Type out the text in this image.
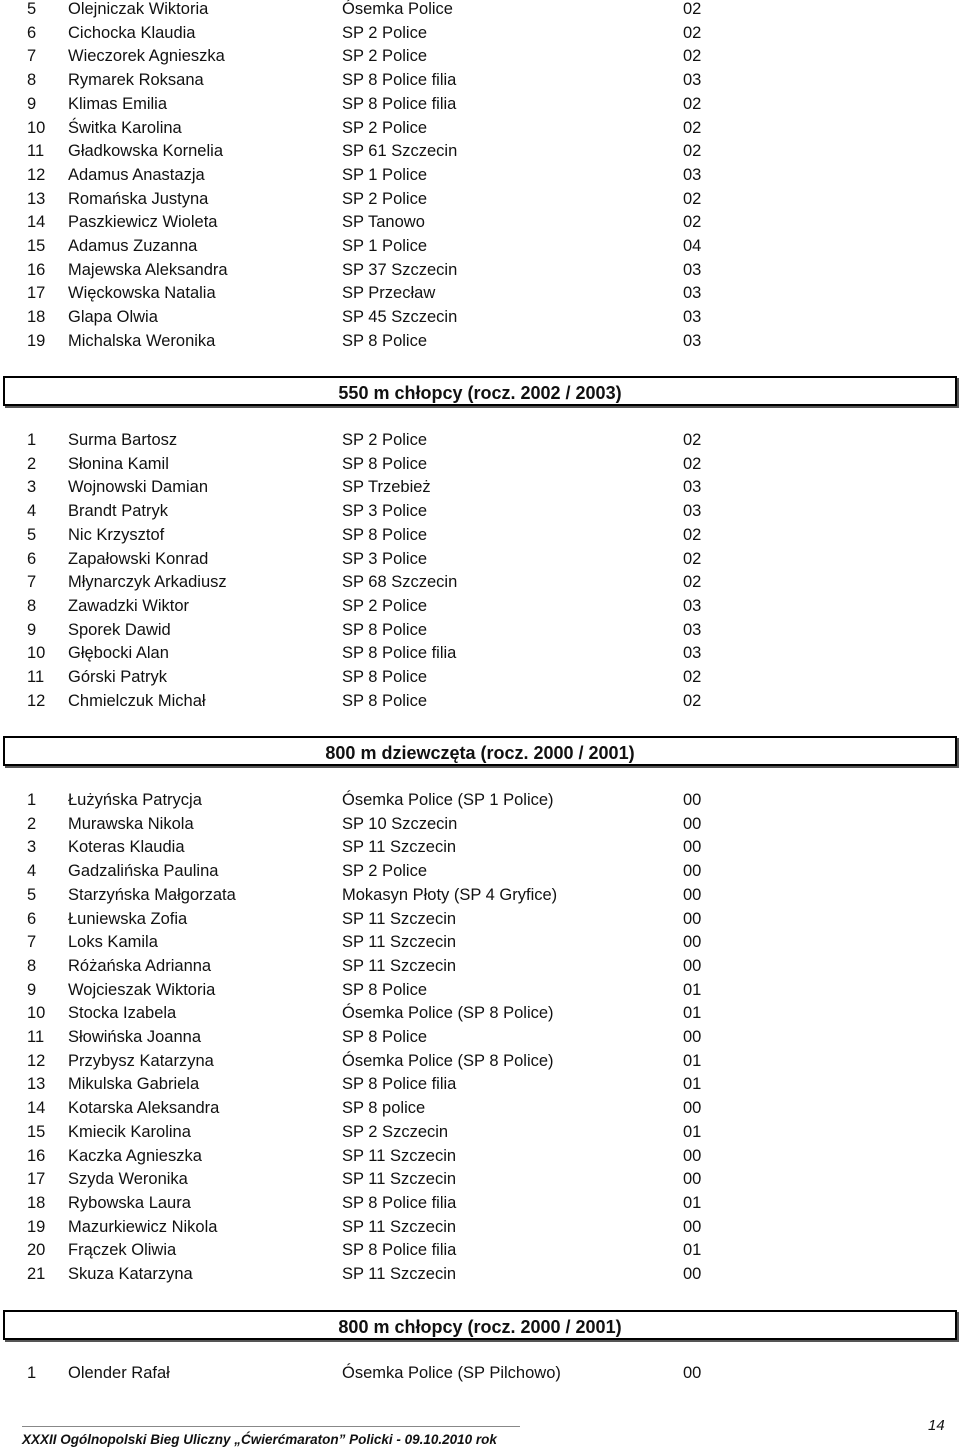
5 Olejniczak Wiktoria	Ósemka Police	02
6 Cichocka Klaudia	SP 2 Police	02
7 Wieczorek Agnieszka	SP 2 Police	02
8 Rymarek Roksana	SP 8 Police filia	03
9 Klimas Emilia	SP 8 Police filia	02
10 Świtka Karolina	SP 2 Police	02
11 Gładkowska Kornelia	SP 61 Szczecin	02
12 Adamus Anastazja	SP 1 Police	03
13 Romańska Justyna	SP 2 Police	02
14 Paszkiewicz Wioleta	SP Tanowo	02
15 Adamus Zuzanna	SP 1 Police	04
16 Majewska Aleksandra	SP 37 Szczecin	03
17 Więckowska Natalia	SP Przecław	03
18 Glapa Olwia	SP 45 Szczecin	03
19 Michalska Weronika	SP 8 Police	03
550 m chłopcy (rocz. 2002 / 2003)
1 Surma Bartosz	SP 2 Police	02
2 Słonina Kamil	SP 8 Police	02
3 Wojnowski Damian	SP Trzebież	03
4 Brandt Patryk	SP 3 Police	03
5 Nic Krzysztof	SP 8 Police	02
6 Zapałowski Konrad	SP 3 Police	02
7 Młynarczyk Arkadiusz	SP 68 Szczecin	02
8 Zawadzki Wiktor	SP 2 Police	03
9 Sporek Dawid	SP 8 Police	03
10 Głębocki Alan	SP 8 Police filia	03
11 Górski Patryk	SP 8 Police	02
12 Chmielczuk Michał	SP 8 Police	02
800 m dziewczęta (rocz. 2000 / 2001)
1 Łużyńska Patrycja	Ósemka Police (SP 1 Police)	00
2 Murawska Nikola	SP 10 Szczecin	00
3 Koteras Klaudia	SP 11 Szczecin	00
4 Gadzalińska Paulina	SP 2 Police	00
5 Starzyńska Małgorzata	Mokasyn Płoty (SP 4 Gryfice)	00
6 Łuniewska Zofia	SP 11 Szczecin	00
7 Loks Kamila	SP 11 Szczecin	00
8 Różańska Adrianna	SP 11 Szczecin	00
9 Wojcieszak Wiktoria	SP 8 Police	01
10 Stocka Izabela	Ósemka Police (SP 8 Police)	01
11 Słowińska Joanna	SP 8 Police	00
12 Przybysz Katarzyna	Ósemka Police (SP 8 Police)	01
13 Mikulska Gabriela	SP 8 Police filia	01
14 Kotarska Aleksandra	SP 8 police	00
15 Kmiecik Karolina	SP 2 Szczecin	01
16 Kaczka Agnieszka	SP 11 Szczecin	00
17 Szyda Weronika	SP 11 Szczecin	00
18 Rybowska Laura	SP 8 Police filia	01
19 Mazurkiewicz Nikola	SP 11 Szczecin	00
20 Frączek Oliwia	SP 8 Police filia	01
21 Skuza Katarzyna	SP 11 Szczecin	00
800 m chłopcy (rocz. 2000 / 2001)
1 Olender Rafał	Ósemka Police (SP Pilchowo)	00
XXXII Ogólnopolski Bieg Uliczny „Ćwierćmaraton” Policki - 09.10.2010 rok
14
